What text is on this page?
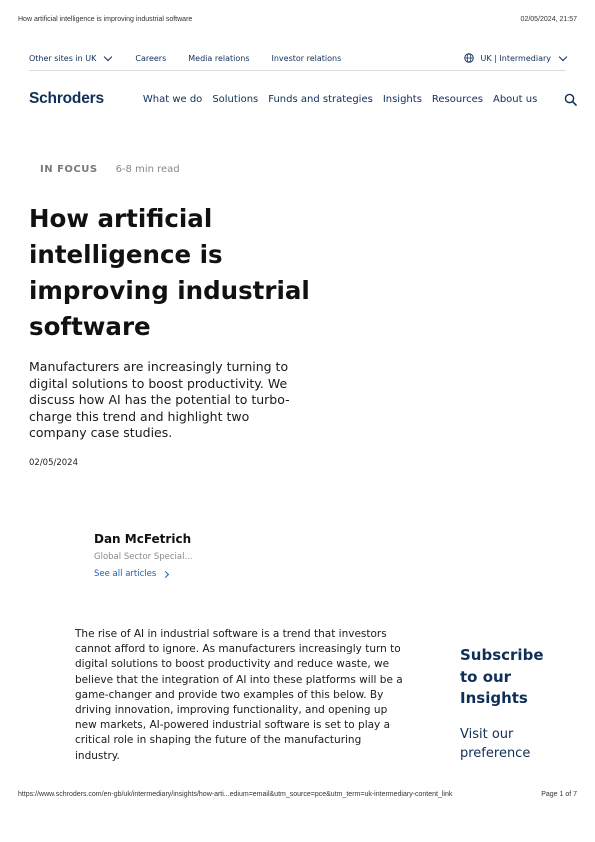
How artificial intelligence is improving industrial software	02/05/2024, 21:57
Other sites in UK	Careers	Media relations	Investor relations	UK | Intermediary
Schroders	What we do Solutions Funds and strategies Insights Resources About us
IN FOCUS 6-8 min read
How artificial intelligence is improving industrial software

Manufacturers are increasingly turning to digital solutions to boost productivity. We discuss how AI has the potential to turbo-charge this trend and highlight two company case studies.

02/05/2024
Dan McFetrich
Global Sector Special...
See all articles

The rise of AI in industrial software is a trend that investors cannot afford to ignore. As manufacturers increasingly turn to digital solutions to boost productivity and reduce waste, we believe that the integration of AI into these platforms will be a game-changer and provide two examples of this below. By driving innovation, improving functionality, and opening up new markets, AI-powered industrial software is set to play a critical role in shaping the future of the manufacturing industry.

Subscribe to our Insights
Visit our preference
https://www.schroders.com/en-gb/uk/intermediary/insights/how-arti...edium=email&utm_source=pce&utm_term=uk-intermediary-content_link	Page 1 of 7
